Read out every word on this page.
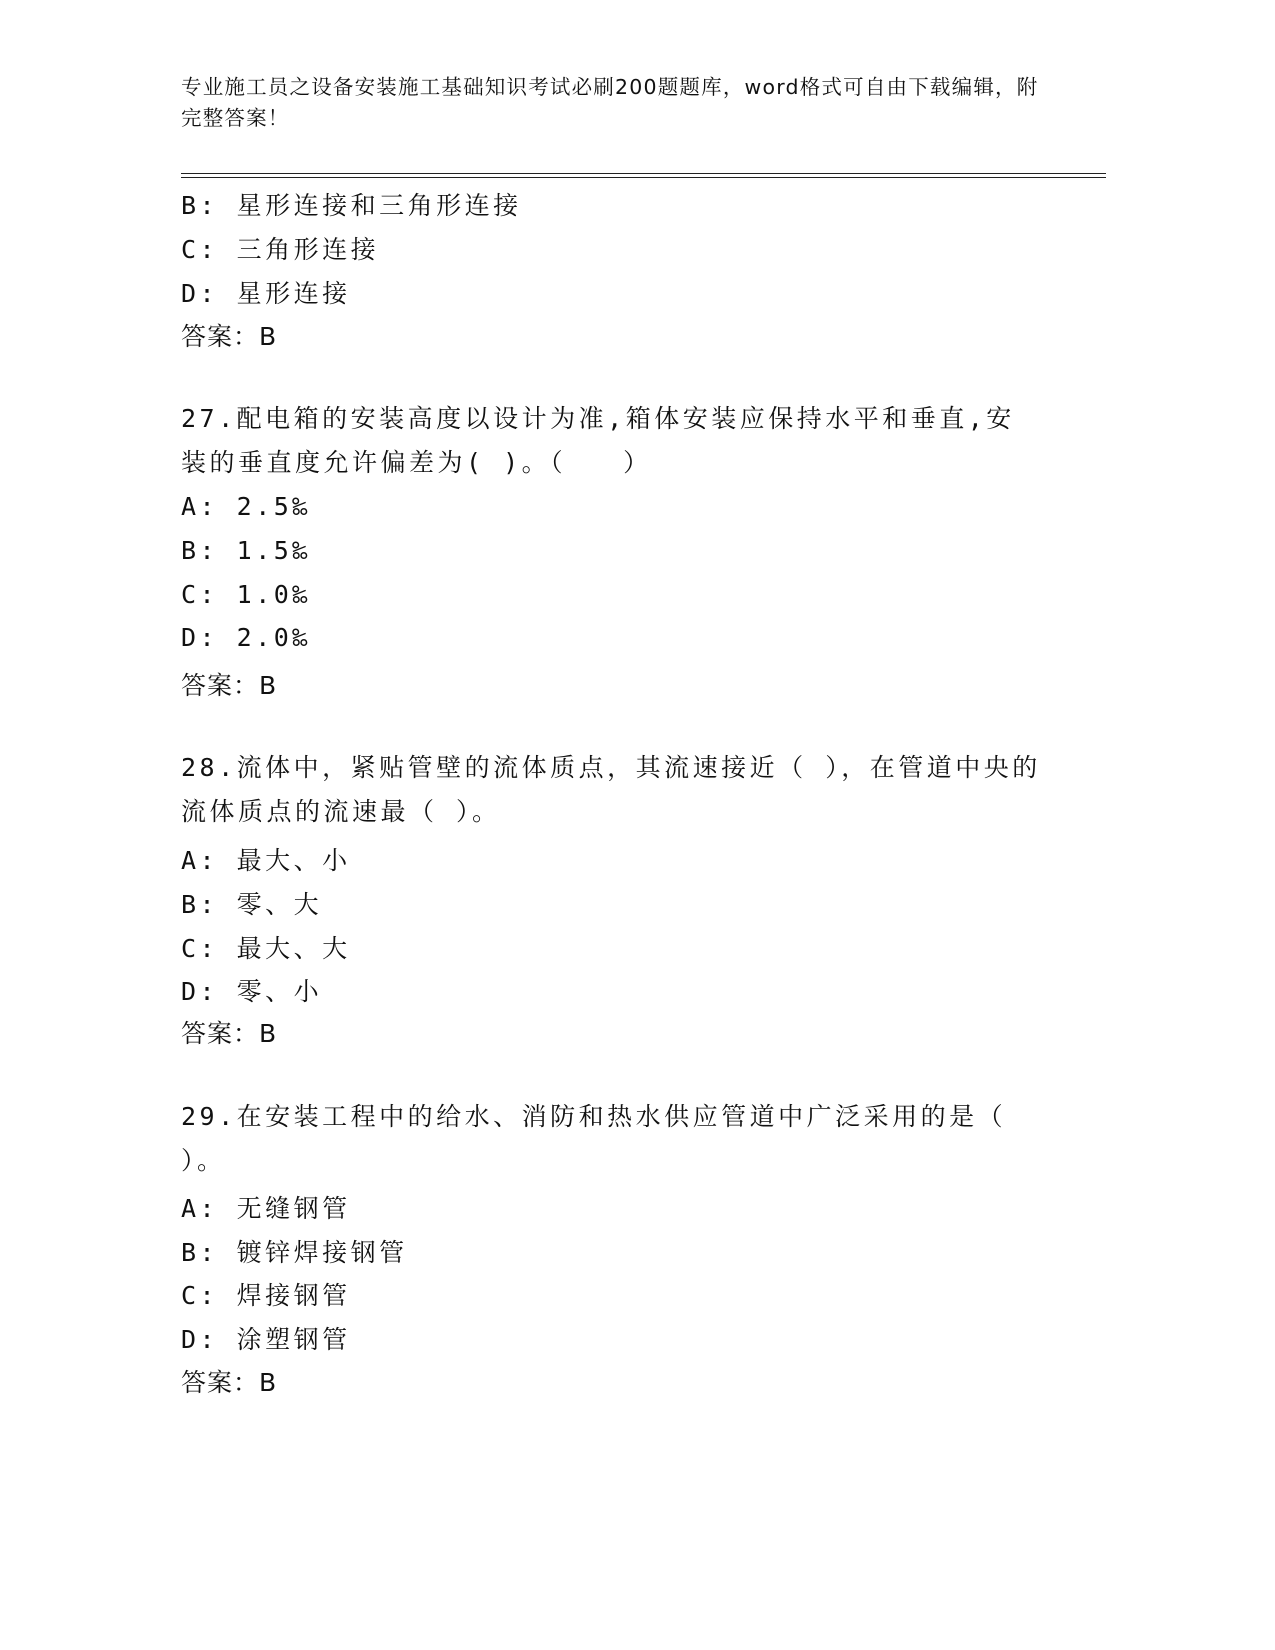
专业施工员之设备安装施工基础知识考试必刷200题题库，word格式可自由下载编辑，附完整答案！
B: 星形连接和三角形连接
C: 三角形连接
D: 星形连接
答案：B
27.配电箱的安装高度以设计为准,箱体安装应保持水平和垂直,安装的垂直度允许偏差为( )。（　　）
A: 2.5‰
B: 1.5‰
C: 1.0‰
D: 2.0‰
答案：B
28.流体中，紧贴管壁的流体质点，其流速接近（ ），在管道中央的流体质点的流速最（ ）。
A: 最大、小
B: 零、大
C: 最大、大
D: 零、小
答案：B
29.在安装工程中的给水、消防和热水供应管道中广泛采用的是（ ）。
A: 无缝钢管
B: 镀锌焊接钢管
C: 焊接钢管
D: 涂塑钢管
答案：B
